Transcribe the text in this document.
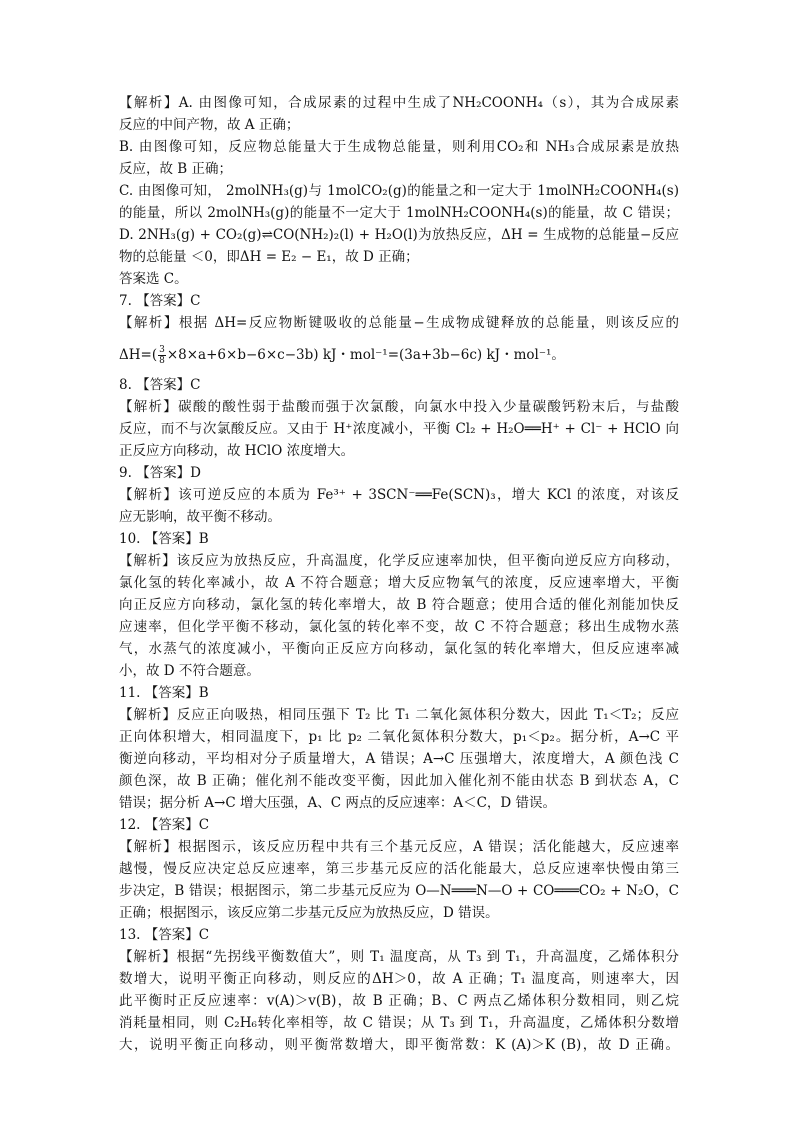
【解析】A. 由图像可知，合成尿素的过程中生成了NH₂COONH₄（s），其为合成尿素
反应的中间产物，故 A 正确；
B. 由图像可知，反应物总能量大于生成物总能量，则利用CO₂和 NH₃合成尿素是放热
反应，故 B 正确；
C. 由图像可知， 2molNH₃(g)与 1molCO₂(g)的能量之和一定大于 1molNH₂COONH₄(s)
的能量，所以 2molNH₃(g)的能量不一定大于 1molNH₂COONH₄(s)的能量，故 C 错误；
D. 2NH₃(g) + CO₂(g)⇌CO(NH₂)₂(l) + H₂O(l)为放热反应，ΔH = 生成物的总能量−反应
物的总能量 ＜0，即ΔH = E₂ − E₁，故 D 正确；
答案选 C。
7. 【答案】C
【解析】根据 ΔH=反应物断键吸收的总能量−生成物成键释放的总能量，则该反应的
$\Delta H=( \frac{3}{8} \times 8\times a+6\times b-6\times c-3b)$ kJ・mol⁻¹=(3a+3b−6c) kJ・mol⁻¹。
8. 【答案】C
【解析】碳酸的酸性弱于盐酸而强于次氯酸，向氯水中投入少量碳酸钙粉末后，与盐酸
反应，而不与次氯酸反应。又由于 H⁺浓度减小，平衡 Cl₂ + H₂O══H⁺ + Cl⁻ + HClO 向
正反应方向移动，故 HClO 浓度增大。
9. 【答案】D
【解析】该可逆反应的本质为 Fe³⁺ + 3SCN⁻══Fe(SCN)₃，增大 KCl 的浓度，对该反
应无影响，故平衡不移动。
10. 【答案】B
【解析】该反应为放热反应，升高温度，化学反应速率加快，但平衡向逆反应方向移动，
氯化氢的转化率减小，故 A 不符合题意；增大反应物氧气的浓度，反应速率增大，平衡
向正反应方向移动，氯化氢的转化率增大，故 B 符合题意；使用合适的催化剂能加快反
应速率，但化学平衡不移动，氯化氢的转化率不变，故 C 不符合题意；移出生成物水蒸
气，水蒸气的浓度减小，平衡向正反应方向移动，氯化氢的转化率增大，但反应速率减
小，故 D 不符合题意。
11. 【答案】B
【解析】反应正向吸热，相同压强下 T₂ 比 T₁ 二氧化氮体积分数大，因此 T₁＜T₂；反应
正向体积增大，相同温度下，p₁ 比 p₂ 二氧化氮体积分数大，p₁＜p₂。据分析，A→C 平
衡逆向移动，平均相对分子质量增大，A 错误；A→C 压强增大，浓度增大，A 颜色浅 C
颜色深，故 B 正确；催化剂不能改变平衡，因此加入催化剂不能由状态 B 到状态 A，C
错误；据分析 A→C 增大压强，A、C 两点的反应速率：A＜C，D 错误。
12. 【答案】C
【解析】根据图示，该反应历程中共有三个基元反应，A 错误；活化能越大，反应速率
越慢，慢反应决定总反应速率，第三步基元反应的活化能最大，总反应速率快慢由第三
步决定，B 错误；根据图示，第二步基元反应为 O—N═══N—O + CO═══CO₂ + N₂O，C
正确；根据图示，该反应第二步基元反应为放热反应，D 错误。
13. 【答案】C
【解析】根据“先拐线平衡数值大”，则 T₁ 温度高，从 T₃ 到 T₁，升高温度，乙烯体积分
数增大，说明平衡正向移动，则反应的ΔH＞0，故 A 正确；T₁ 温度高，则速率大，因
此平衡时正反应速率：v(A)＞v(B)，故 B 正确；B、C 两点乙烯体积分数相同，则乙烷
消耗量相同，则 C₂H₆转化率相等，故 C 错误；从 T₃ 到 T₁，升高温度，乙烯体积分数增
大，说明平衡正向移动，则平衡常数增大，即平衡常数：K (A)＞K (B)，故 D 正确。
